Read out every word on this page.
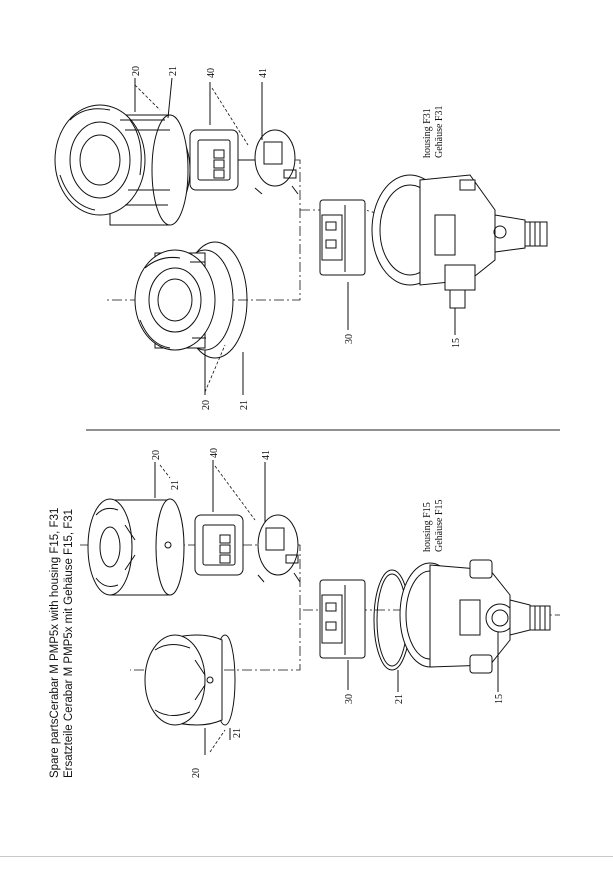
Spare partsCerabar M PMP5x with housing F15, F31 Ersatzteile Cerabar M PMP5x mit Gehäuse F15, F31
20	21	40	41
30	15
20	21
housing F31 Gehäuse F31
20
21
40	41
30	21	15
20
21
housing F15 Gehäuse F15
